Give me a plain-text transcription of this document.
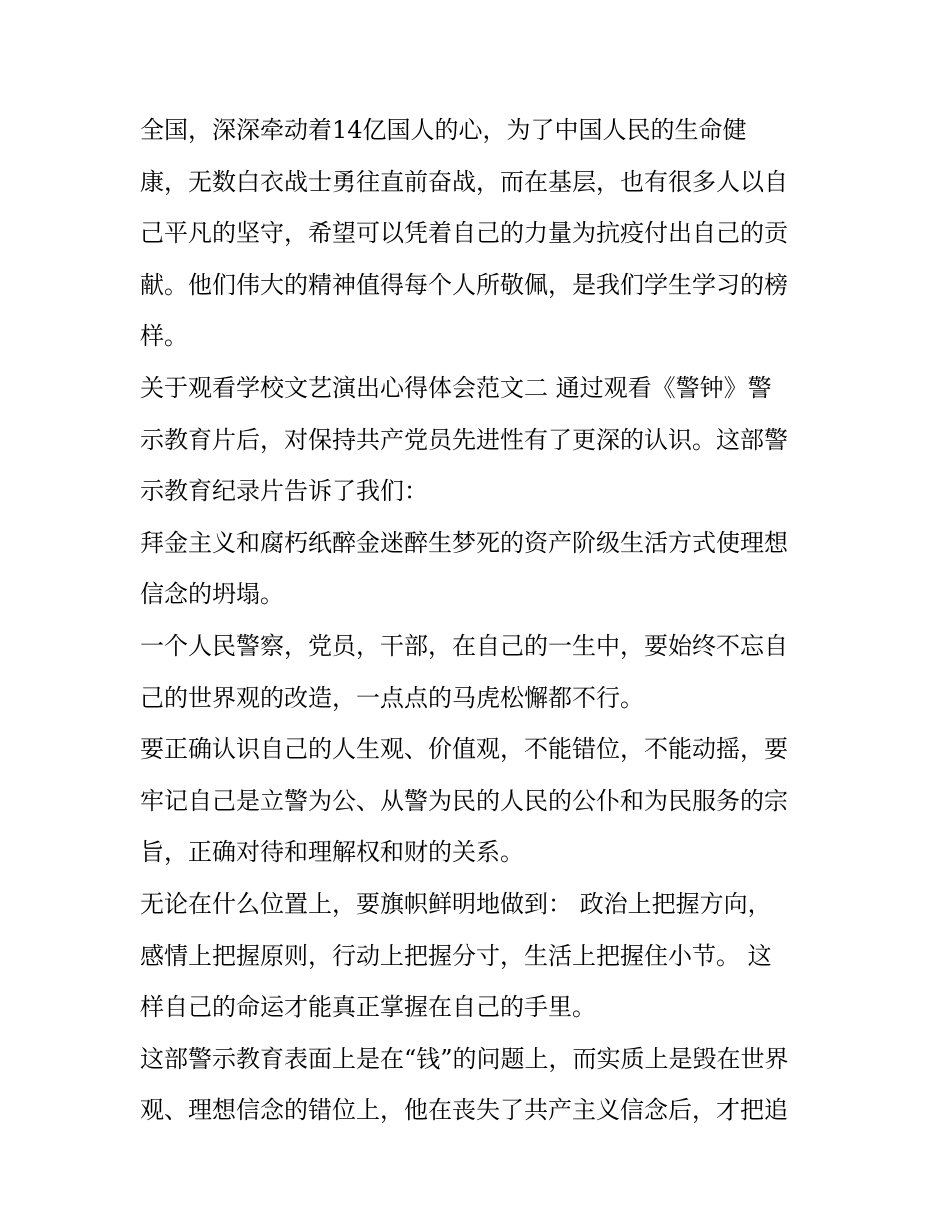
全国，深深牵动着14亿国人的心，为了中国人民的生命健
康，无数白衣战士勇往直前奋战，而在基层，也有很多人以自
己平凡的坚守，希望可以凭着自己的力量为抗疫付出自己的贡
献。他们伟大的精神值得每个人所敬佩，是我们学生学习的榜
样。
关于观看学校文艺演出心得体会范文二 通过观看《警钟》警
示教育片后，对保持共产党员先进性有了更深的认识。这部警
示教育纪录片告诉了我们：
拜金主义和腐朽纸醉金迷醉生梦死的资产阶级生活方式使理想
信念的坍塌。
一个人民警察，党员，干部，在自己的一生中，要始终不忘自
己的世界观的改造，一点点的马虎松懈都不行。
要正确认识自己的人生观、价值观，不能错位，不能动摇，要
牢记自己是立警为公、从警为民的人民的公仆和为民服务的宗
旨，正确对待和理解权和财的关系。
无论在什么位置上，要旗帜鲜明地做到： 政治上把握方向，
感情上把握原则，行动上把握分寸，生活上把握住小节。 这
样自己的命运才能真正掌握在自己的手里。
这部警示教育表面上是在“钱”的问题上，而实质上是毁在世界
观、理想信念的错位上，他在丧失了共产主义信念后，才把追
